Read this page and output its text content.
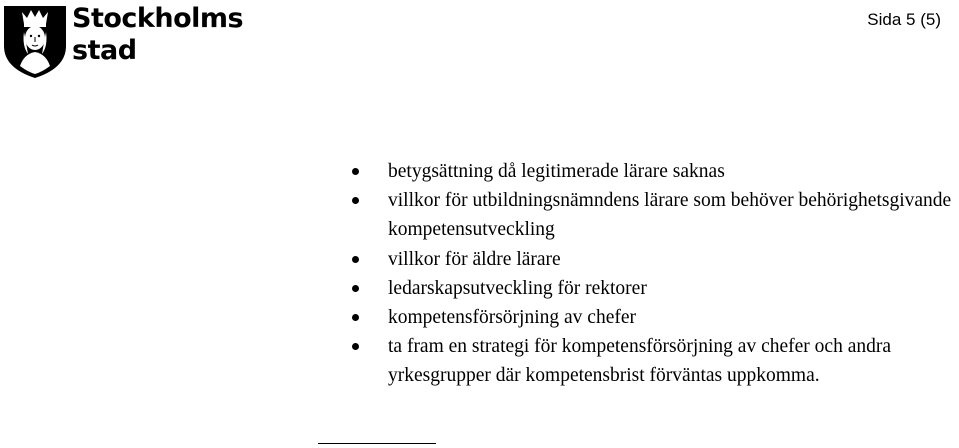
Stockholms
stad
Sida 5 (5)
betygsättning då legitimerade lärare saknas
villkor för utbildningsnämndens lärare som behöver behörighetsgivande kompetensutveckling
villkor för äldre lärare
ledarskapsutveckling för rektorer
kompetensförsörjning av chefer
ta fram en strategi för kompetensförsörjning av chefer och andra yrkesgrupper där kompetensbrist förväntas uppkomma.
